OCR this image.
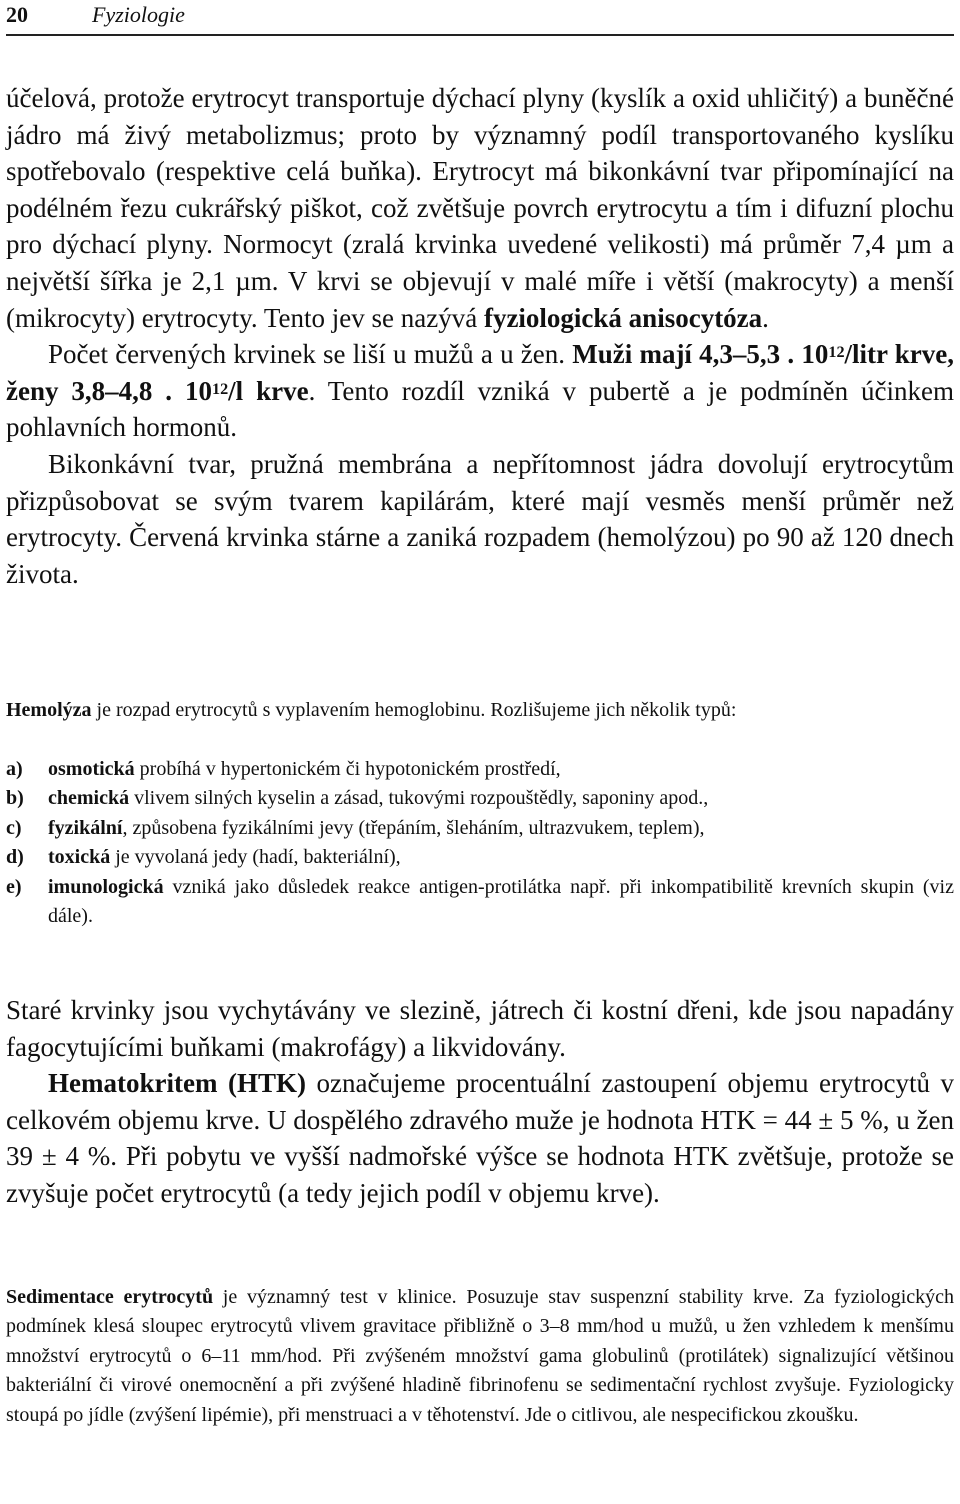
20	Fyziologie

účelová, protože erytrocyt transportuje dýchací plyny (kyslík a oxid uhličitý) a buněčné jádro má živý metabolizmus; proto by významný podíl transportovaného kyslíku spotřebovalo (respektive celá buňka). Erytrocyt má bikonkávní tvar připomínající na podélném řezu cukrářský piškot, což zvětšuje povrch erytrocytu a tím i difuzní plochu pro dýchací plyny. Normocyt (zralá krvinka uvedené velikosti) má průměr 7,4 µm a největší šířka je 2,1 µm. V krvi se objevují v malé míře i větší (makrocyty) a menší (mikrocyty) erytrocyty. Tento jev se nazývá fyziologická anisocytóza.

Počet červených krvinek se liší u mužů a u žen. Muži mají 4,3–5,3 . $10^{12}$/litr krve, ženy 3,8–4,8 . $10^{12}/l$ krve. Tento rozdíl vzniká v pubertě a je podmíněn účinkem pohlavních hormonů.

Bikonkávní tvar, pružná membrána a nepřítomnost jádra dovolují erytrocytům přizpůsobovat se svým tvarem kapilárám, které mají vesměs menší průměr než erytrocyty. Červená krvinka stárne a zaniká rozpadem (hemolýzou) po 90 až 120 dnech života.

Hemolýza je rozpad erytrocytů s vyplavením hemoglobinu. Rozlišujeme jich několik typů:

a)	osmotická probíhá v hypertonickém či hypotonickém prostředí,
b)	chemická vlivem silných kyselin a zásad, tukovými rozpouštědly, saponiny apod.,
c)	fyzikální, způsobena fyzikálními jevy (třepáním, šleháním, ultrazvukem, teplem),
d)	toxická je vyvolaná jedy (hadí, bakteriální),
e)	imunologická vzniká jako důsledek reakce antigen-protilátka např. při inkompatibilitě krevních skupin (viz dále).

Staré krvinky jsou vychytávány ve slezině, játrech či kostní dřeni, kde jsou napadány fagocytujícími buňkami (makrofágy) a likvidovány.

Hematokritem (HTK) označujeme procentuální zastoupení objemu erytrocytů v celkovém objemu krve. U dospělého zdravého muže je hodnota HTK = 44 ± 5 %, u žen 39 ± 4 %. Při pobytu ve vyšší nadmořské výšce se hodnota HTK zvětšuje, protože se zvyšuje počet erytrocytů (a tedy jejich podíl v objemu krve).

Sedimentace erytrocytů je významný test v klinice. Posuzuje stav suspenzní stability krve. Za fyziologických podmínek klesá sloupec erytrocytů vlivem gravitace přibližně o 3–8 mm/hod u mužů, u žen vzhledem k menšímu množství erytrocytů o 6–11 mm/hod. Při zvýšeném množství gama globulinů (protilátek) signalizující většinou bakteriální či virové onemocnění a při zvýšené hladině fibrinofenu se sedimentační rychlost zvyšuje. Fyziologicky stoupá po jídle (zvýšení lipémie), při menstruaci a v těhotenství. Jde o citlivou, ale nespecifickou zkoušku.
